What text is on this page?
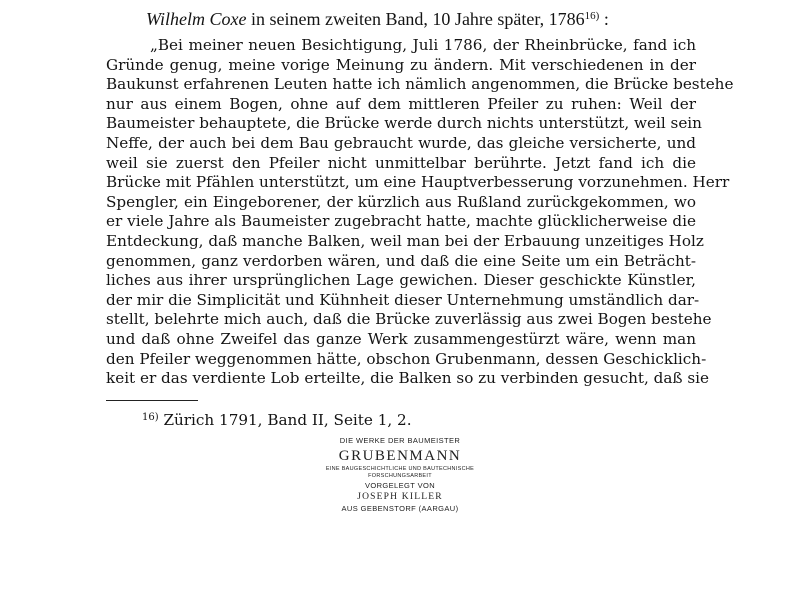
Wilhelm Coxe in seinem zweiten Band, 10 Jahre später, 1786$^{16)}$ :
„Bei meiner neuen Besichtigung, Juli 1786, der Rheinbrücke, fand ich
Gründe genug, meine vorige Meinung zu ändern. Mit verschiedenen in der
Baukunst erfahrenen Leuten hatte ich nämlich angenommen, die Brücke bestehe
nur aus einem Bogen, ohne auf dem mittleren Pfeiler zu ruhen: Weil der
Baumeister behauptete, die Brücke werde durch nichts unterstützt, weil sein
Neffe, der auch bei dem Bau gebraucht wurde, das gleiche versicherte, und
weil sie zuerst den Pfeiler nicht unmittelbar berührte. Jetzt fand ich die
Brücke mit Pfählen unterstützt, um eine Hauptverbesserung vorzunehmen. Herr
Spengler, ein Eingeborener, der kürzlich aus Rußland zurückgekommen, wo
er viele Jahre als Baumeister zugebracht hatte, machte glücklicherweise die
Entdeckung, daß manche Balken, weil man bei der Erbauung unzeitiges Holz
genommen, ganz verdorben wären, und daß die eine Seite um ein Beträcht-
liches aus ihrer ursprünglichen Lage gewichen. Dieser geschickte Künstler,
der mir die Simplicität und Kühnheit dieser Unternehmung umständlich dar-
stellt, belehrte mich auch, daß die Brücke zuverlässig aus zwei Bogen bestehe
und daß ohne Zweifel das ganze Werk zusammengestürzt wäre, wenn man
den Pfeiler weggenommen hätte, obschon Grubenmann, dessen Geschicklich-
keit er das verdiente Lob erteilte, die Balken so zu verbinden gesucht, daß sie
$^{16)}$ Zürich 1791, Band II, Seite 1, 2.
DIE WERKE DER BAUMEISTER
GRUBENMANN
EINE BAUGESCHICHTLICHE UND BAUTECHNISCHE
FORSCHUNGSARBEIT
VORGELEGT VON
JOSEPH KILLER
AUS GEBENSTORF (AARGAU)
